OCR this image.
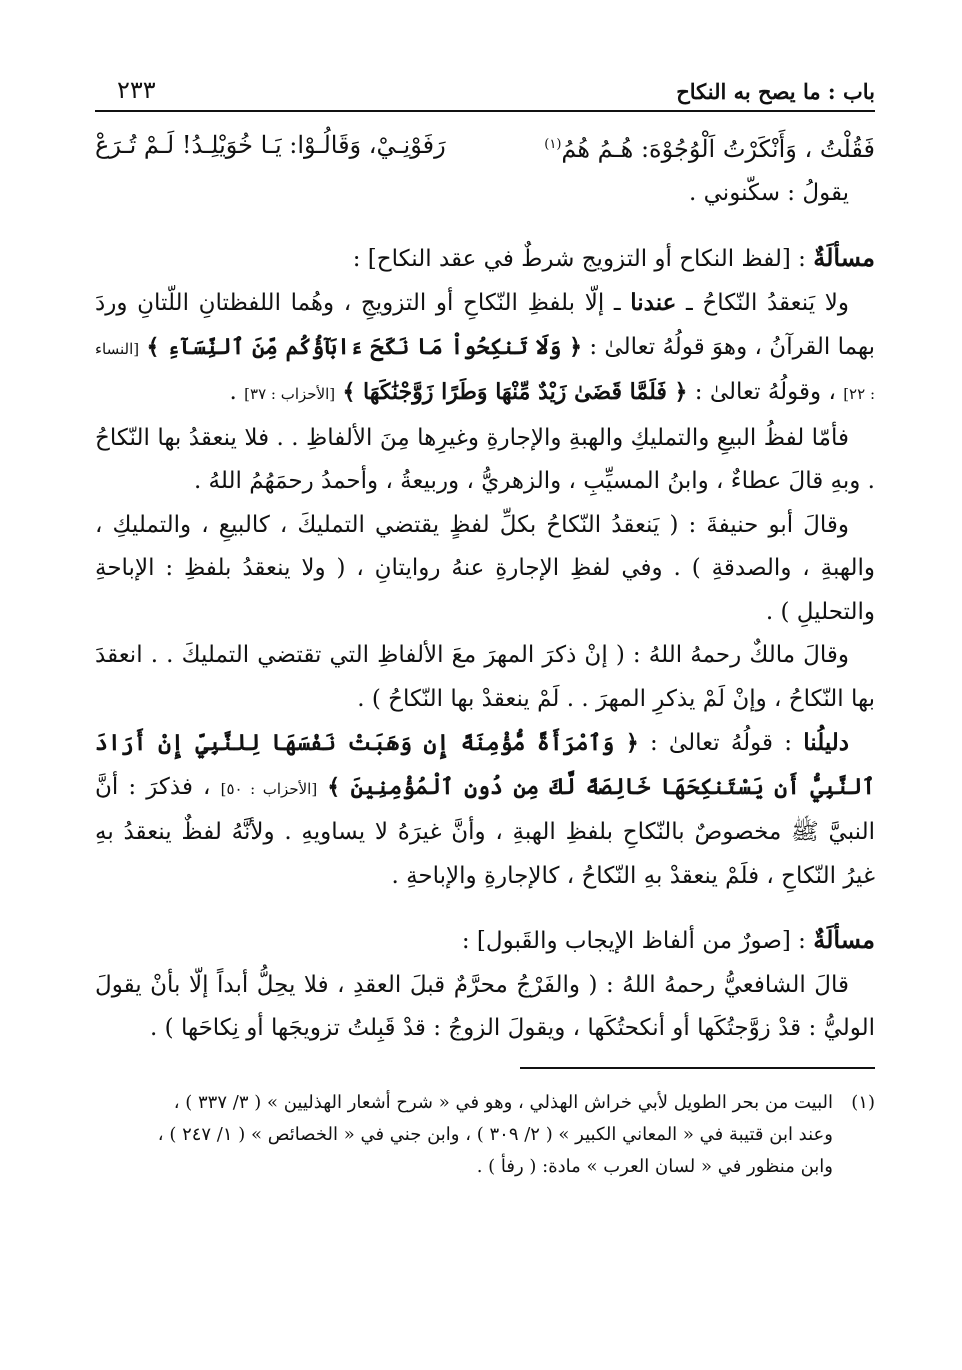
باب : ما يصح به النكاح
٢٣٣
فَقُلْتُ ، وَأَنْكَرْتُ اَلْوُجُوْهَ: هُـمُ هُمُ$^{(١)}$
رَفَوْنِـيْ، وَقَالُـوْا: يَـا خُوَيْلِـدُ! لَـمْ تُـرَعْ

يقولُ : سكّنوني .

مسألَةٌ : [لفظ النكاح أو التزويج شرطٌ في عقد النكاح] :

ولا يَنعقدُ النّكاحُ ـ عندنا ـ إلّا بلفظِ النّكاحِ أو التزويجِ ، وهُما اللفظتانِ اللّتانِ وردَ بهما القرآنُ ، وهوَ قولُهُ تعالىٰ : ﴿ وَلَا تَنكِحُواْ مَا نَكَحَ ءَابَآؤُكُم مِّنَ ٱلنِّسَآءِ ﴾ [النساء : ٢٢] ، وقولُهُ تعالىٰ : ﴿ فَلَمَّا قَضَىٰ زَيْدٌ مِّنْهَا وَطَرًا زَوَّجْنَٰكَهَا ﴾ [الأحزاب : ٣٧] .

فأمّا لفظُ البيعِ والتمليكِ والهبةِ والإجارةِ وغيرِها مِنَ الألفاظِ . . فلا ينعقدُ بها النّكاحُ . وبهِ قالَ عطاءٌ ، وابنُ المسيِّبِ ، والزهريُّ ، وربيعةُ ، وأحمدُ رحمَهُمُ اللهُ .

وقالَ أبو حنيفةَ : ( يَنعقدُ النّكاحُ بكلِّ لفظٍ يقتضي التمليكَ ، كالبيعِ ، والتمليكِ ، والهبةِ ، والصدقةِ ) . وفي لفظِ الإجارةِ عنهُ روايتانِ ، ( ولا ينعقدُ بلفظِ : الإباحةِ والتحليلِ ) .

وقالَ مالكٌ رحمهُ اللهُ : ( إنْ ذكرَ المهرَ معَ الألفاظِ التي تقتضي التمليكَ . . انعقدَ بها النّكاحُ ، وإنْ لَمْ يذكرِ المهرَ . . لَمْ ينعقدْ بها النّكاحُ ) .

دليلُنا : قولُهُ تعالىٰ : ﴿ وَٱمْرَأَةً مُّؤْمِنَةً إِن وَهَبَتْ نَفْسَهَا لِلنَّبِيِّ إِنْ أَرَادَ ٱلنَّبِيُّ أَن يَسْتَنكِحَهَا خَالِصَةً لَّكَ مِن دُونِ ٱلْمُؤْمِنِينَ ﴾ [الأحزاب : ٥٠] ، فذكرَ : أنَّ النبيَّ ﷺ مخصوصٌ بالنّكاحِ بلفظِ الهبةِ ، وأنَّ غيرَهُ لا يساويهِ . ولأنَّهُ لفظٌ ينعقدُ بهِ غيرُ النّكاحِ ، فلَمْ ينعقدْ بهِ النّكاحُ ، كالإجارةِ والإباحةِ .

مسألَةٌ : [صورٌ من ألفاظ الإيجاب والقَبول] :

قالَ الشافعيُّ رحمهُ اللهُ : ( والفَرْجُ محرَّمٌ قبلَ العقدِ ، فلا يحِلُّ أبداً إلّا بأنْ يقولَ الوليُّ : قدْ زوَّجتُكَها أو أنكحتُكَها ، ويقولَ الزوجُ : قدْ قَبِلتُ تزويجَها أو نِكاحَها ) .

(١)
البيت من بحر الطويل لأبي خراش الهذلي ، وهو في « شرح أشعار الهذليين » ( ٣/ ٣٣٧ ) ،
وعند ابن قتيبة في « المعاني الكبير » ( ٢/ ٣٠٩ ) ، وابن جني في « الخصائص » ( ١/ ٢٤٧ ) ،
وابن منظور في « لسان العرب » مادة: ( رفأ ) .
